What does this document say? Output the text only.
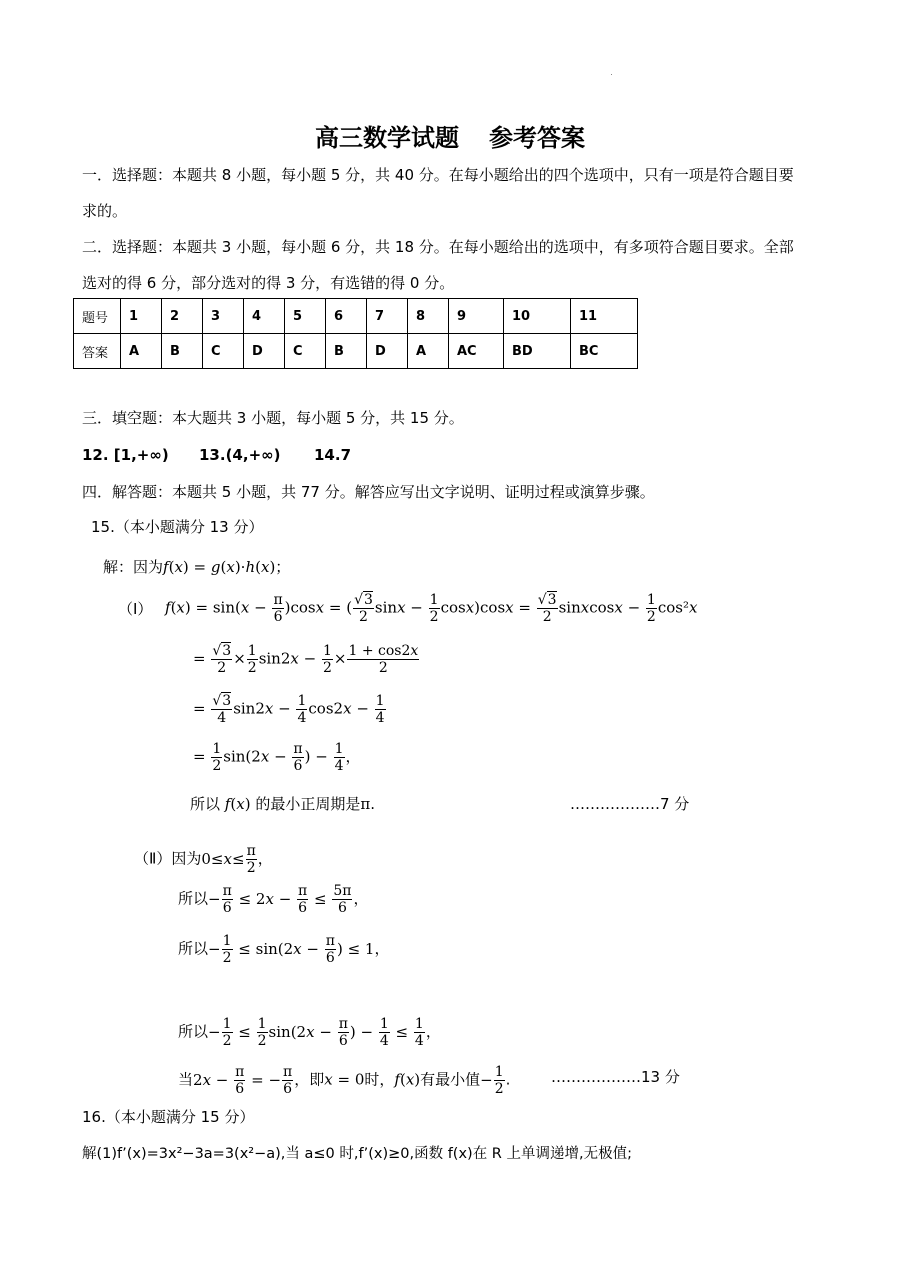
高三数学试题 参考答案
一．选择题：本题共 8 小题，每小题 5 分，共 40 分。在每小题给出的四个选项中，只有一项是符合题目要
求的。
二．选择题：本题共 3 小题，每小题 6 分，共 18 分。在每小题给出的选项中，有多项符合题目要求。全部
选对的得 6 分，部分选对的得 3 分，有选错的得 0 分。
题号	1	2	3	4	5	6	7	8	9	10	11
答案	A	B	C	D	C	B	D	A	AC	BD	BC
三．填空题：本大题共 3 小题，每小题 5 分，共 15 分。
12. [1,+∞) 13.(4,+∞) 14.7
四．解答题：本题共 5 小题，共 77 分。解答应写出文字说明、证明过程或演算步骤。
15.（本小题满分 13 分）
解：因为f(x) = g(x)·h(x)；
（Ⅰ） $f(x) = \sin(x - \frac{\pi}{6} )\cos x$ = ( $\frac{√3}{2}$ $\sin x - \frac{1}{2} \cos x)\cos x = \frac{√3}{2}$ sinxcosx − $\frac{1}{2} \cos^2x$
= $\frac{√3}{2} \times \frac{1}{2} \sin 2x - \frac{1}{2} \times \frac{1 + \cos 2x}{2}$
= $\frac{√3}{4} \sin 2x - \frac{1}{4} \cos 2x - \frac{1}{4}$
= $\frac{1}{2} \sin(2x - \frac{\pi}{6}$ ) − $\frac{1}{4}$ ，
所以 f(x) 的最小正周期是π.	………………7 分
（Ⅱ）因为$0\le x\le \frac{\pi}{2}$ ，
所以− $\frac{\pi}{6} \le 2x - \frac{\pi}{6} \le \frac{5\pi}{6}$ ，
所以− $\frac{1}{2} \le \sin(2x - \frac{\pi}{6}$ ) ≤ 1，
所以− $\frac{1}{2} \le \frac{1}{2} \sin(2x - \frac{\pi}{6}$ ) − $\frac{1}{4} \le \frac{1}{4}$ ，
当$2x - \frac{\pi}{6}$ = − $\frac{\pi}{6}$ ，即x = 0时，f(x)有最小值− $\frac{1}{2}$ .	………………13 分
16.（本小题满分 15 分）
解(1)f’(x)=3x²−3a=3(x²−a),当 a≤0 时,f’(x)≥0,函数 f(x)在 R 上单调递增,无极值;
